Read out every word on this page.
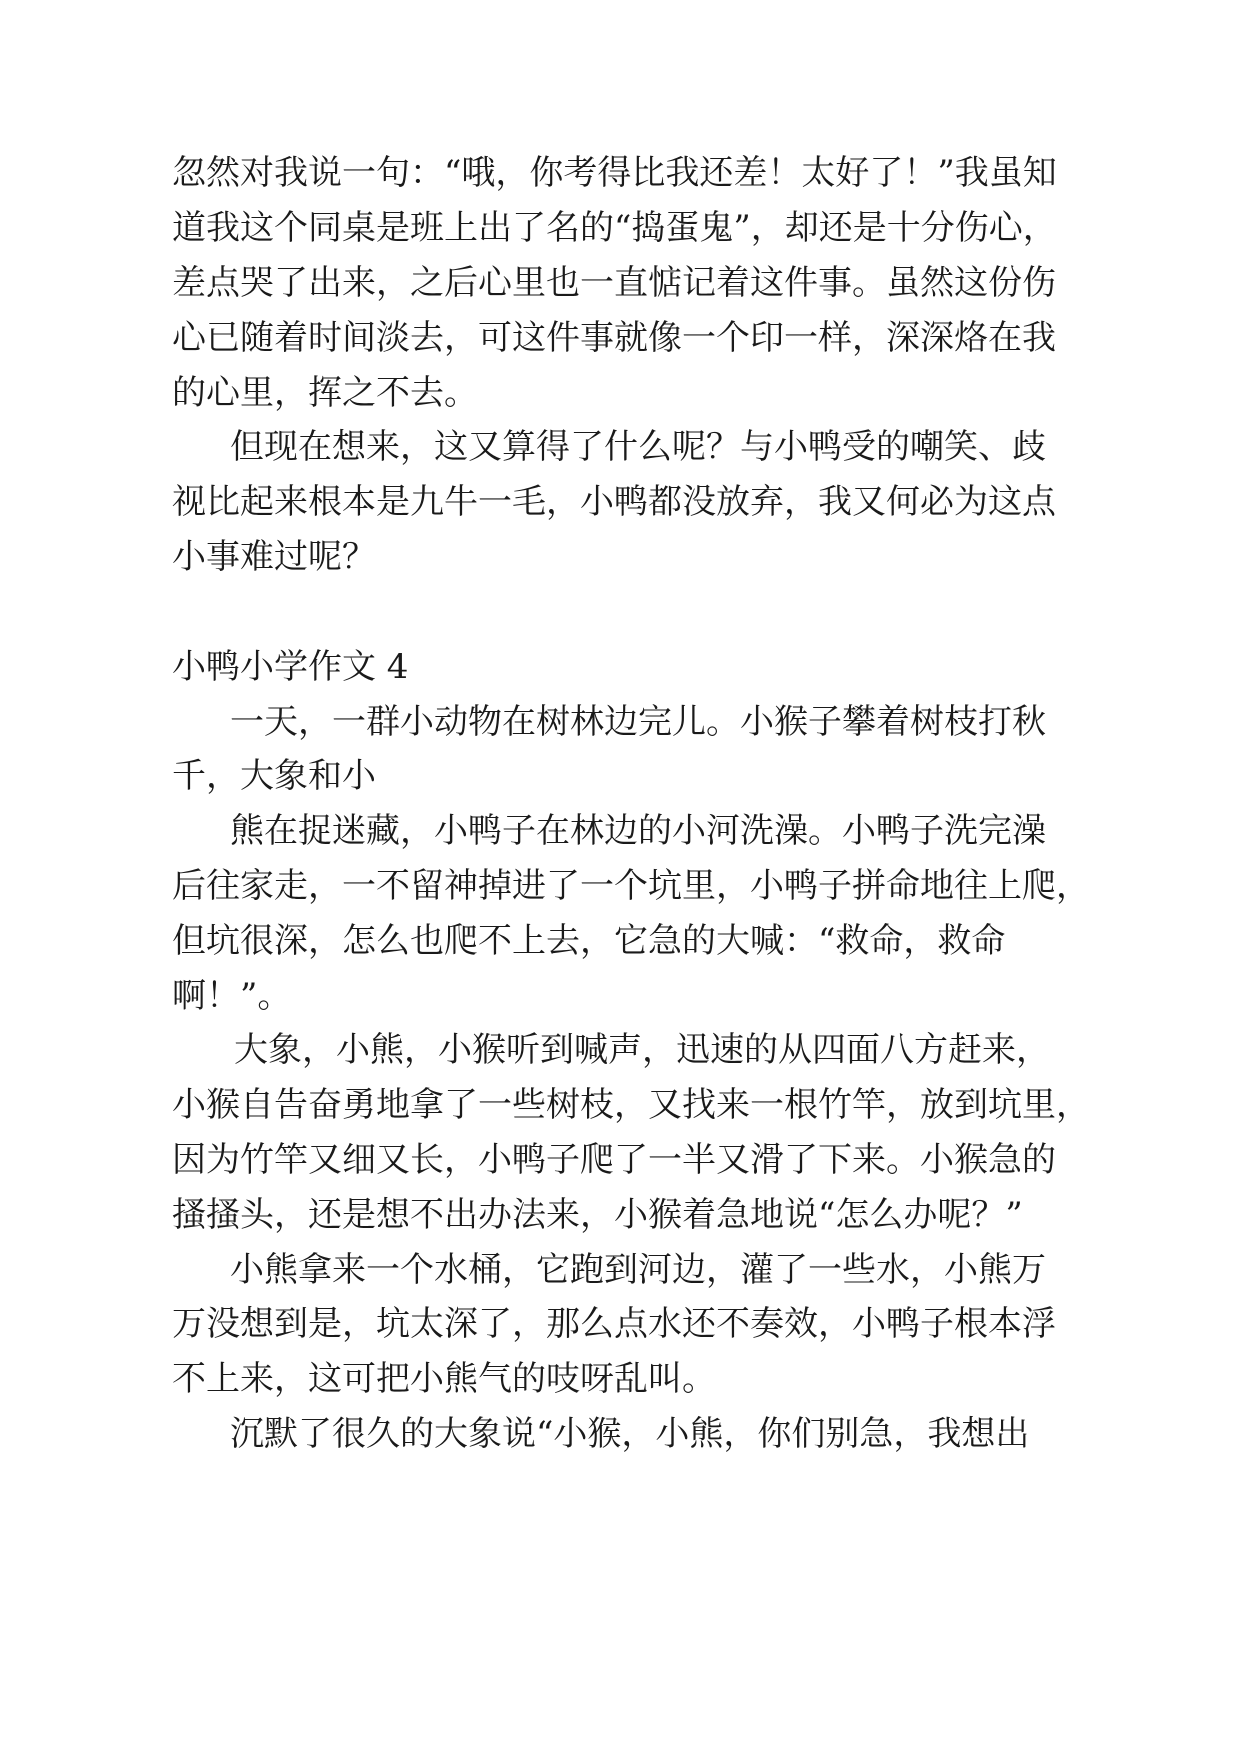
忽然对我说一句：“哦，你考得比我还差！太好了！”我虽知
道我这个同桌是班上出了名的“捣蛋鬼”，却还是十分伤心，
差点哭了出来，之后心里也一直惦记着这件事。虽然这份伤
心已随着时间淡去，可这件事就像一个印一样，深深烙在我
的心里，挥之不去。
但现在想来，这又算得了什么呢？与小鸭受的嘲笑、歧
视比起来根本是九牛一毛，小鸭都没放弃，我又何必为这点
小事难过呢？
小鸭小学作文 4
一天，一群小动物在树林边完儿。小猴子攀着树枝打秋
千，大象和小
熊在捉迷藏，小鸭子在林边的小河洗澡。小鸭子洗完澡
后往家走，一不留神掉进了一个坑里，小鸭子拼命地往上爬，
但坑很深，怎么也爬不上去，它急的大喊：“救命，救命
啊！”。
大象，小熊，小猴听到喊声，迅速的从四面八方赶来，
小猴自告奋勇地拿了一些树枝，又找来一根竹竿，放到坑里，
因为竹竿又细又长，小鸭子爬了一半又滑了下来。小猴急的
搔搔头，还是想不出办法来，小猴着急地说“怎么办呢？”
小熊拿来一个水桶，它跑到河边，灌了一些水，小熊万
万没想到是，坑太深了，那么点水还不奏效，小鸭子根本浮
不上来，这可把小熊气的吱呀乱叫。
沉默了很久的大象说“小猴，小熊，你们别急，我想出
